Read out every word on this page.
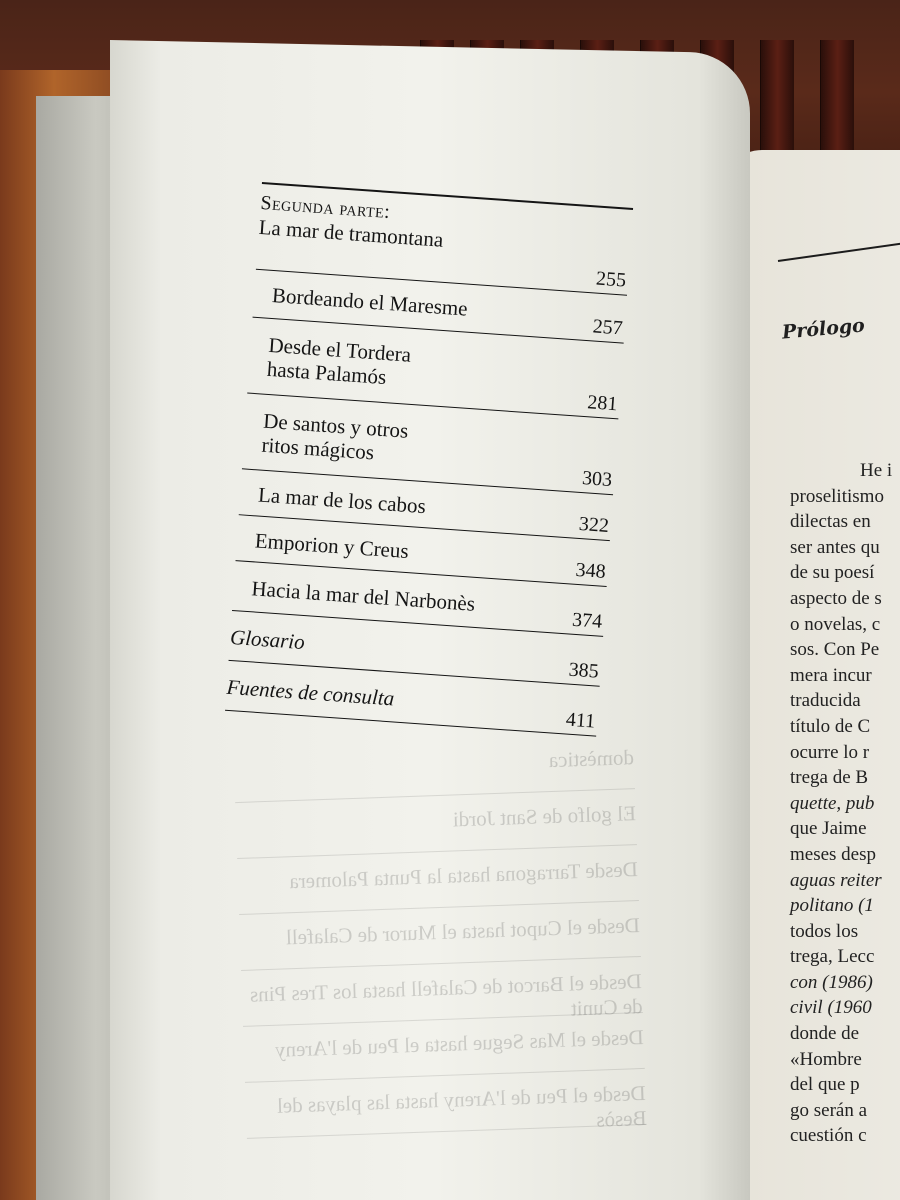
Prólogo
He i
proselitismo
dilectas en
ser antes qu
de su poesí
aspecto de s
o novelas, c
sos. Con Pe
mera incur
traducida
título de C
ocurre lo r
trega de B
quette, pub
que Jaime
meses desp
aguas reiter
politano (1
todos los
trega, Lecc
con (1986)
civil (1960
donde de
«Hombre
del que p
go serán a
cuestión c
domèstica
El golfo de Sant Jordi
Desde Tarragona hasta la Punta Palomera
Desde el Cupot hasta el Muror de Calafell
Desde el Barcot de Calafell hasta los Tres Pins de Cunit
Desde el Mas Segue hasta el Peu de l'Areny
Desde el Peu de l'Areny hasta las playas del Besòs
Segunda parte:
La mar de tramontana
255
Bordeando el Maresme
257
Desde el Tordera hasta Palamós
281
De santos y otros ritos mágicos
303
La mar de los cabos
322
Emporion y Creus
348
Hacia la mar del Narbonès
374
Glosario
385
Fuentes de consulta
411
